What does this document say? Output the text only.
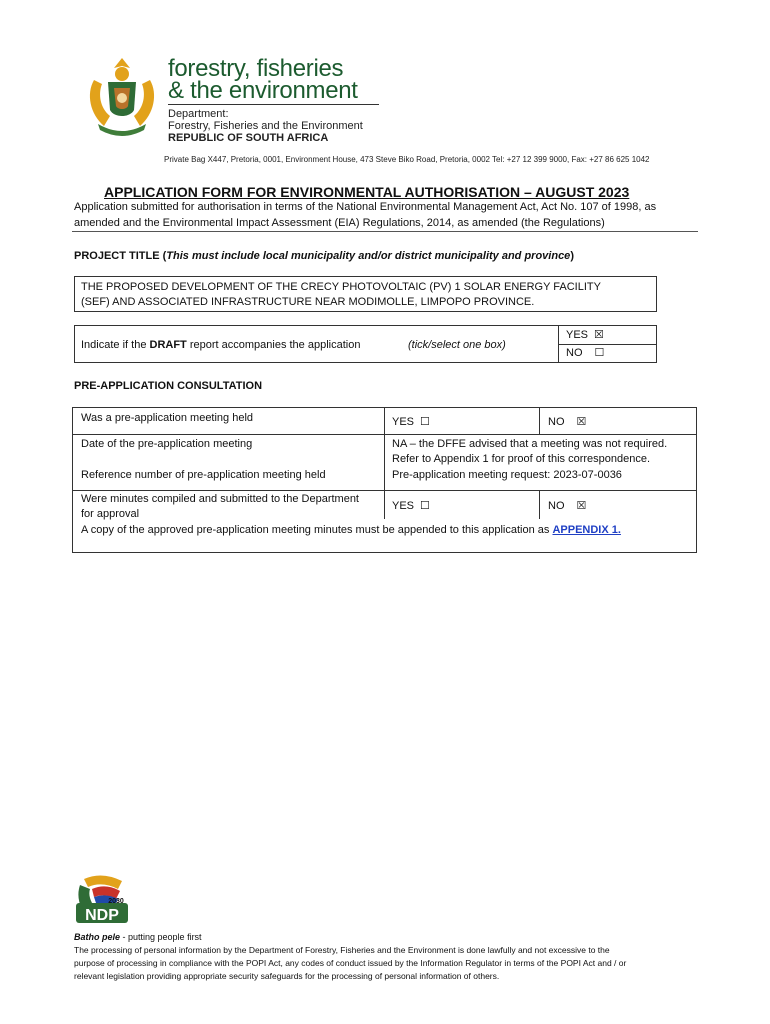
forestry, fisheries
& the environment
Department:
Forestry, Fisheries and the Environment
REPUBLIC OF SOUTH AFRICA
Private Bag X447, Pretoria, 0001, Environment House, 473 Steve Biko Road, Pretoria, 0002 Tel: +27 12 399 9000, Fax: +27 86 625 1042
APPLICATION FORM FOR ENVIRONMENTAL AUTHORISATION – AUGUST 2023
Application submitted for authorisation in terms of the National Environmental Management Act, Act No. 107 of 1998, as
amended and the Environmental Impact Assessment (EIA) Regulations, 2014, as amended (the Regulations)
PROJECT TITLE (This must include local municipality and/or district municipality and province)
THE PROPOSED DEVELOPMENT OF THE CRECY PHOTOVOLTAIC (PV) 1 SOLAR ENERGY FACILITY
(SEF) AND ASSOCIATED INFRASTRUCTURE NEAR MODIMOLLE, LIMPOPO PROVINCE.
Indicate if the DRAFT report accompanies the application	(tick/select one box)
YES ☒
NO ☐
PRE-APPLICATION CONSULTATION
Was a pre-application meeting held	YES ☐	NO ☒
Date of the pre-application meeting	NA – the DFFE advised that a meeting was not required.
Refer to Appendix 1 for proof of this correspondence.
Reference number of pre-application meeting held	Pre-application meeting request: 2023-07-0036
Were minutes compiled and submitted to the Department
for approval
YES ☐	NO ☒
A copy of the approved pre-application meeting minutes must be appended to this application as APPENDIX 1.
2030
NDP
Batho pele - putting people first
The processing of personal information by the Department of Forestry, Fisheries and the Environment is done lawfully and not excessive to the
purpose of processing in compliance with the POPI Act, any codes of conduct issued by the Information Regulator in terms of the POPI Act and / or
relevant legislation providing appropriate security safeguards for the processing of personal information of others.
